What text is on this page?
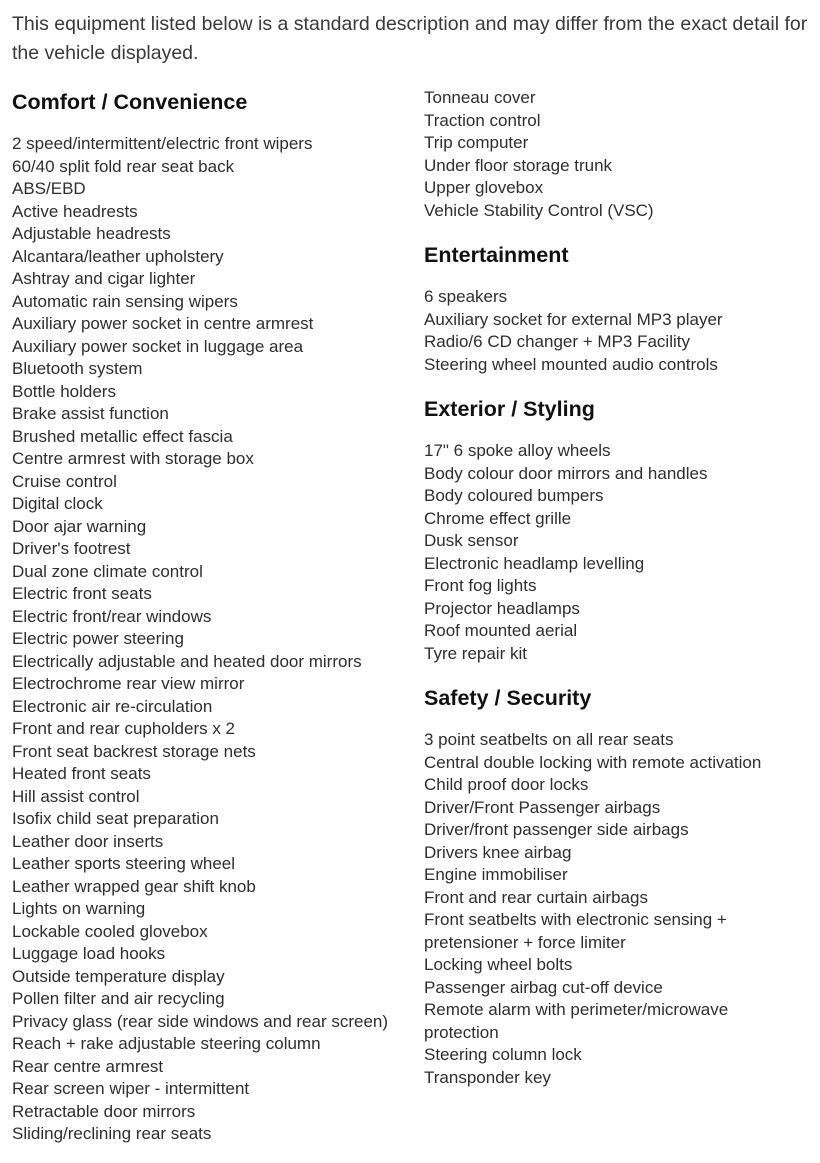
This equipment listed below is a standard description and may differ from the exact detail for the vehicle displayed.

Comfort / Convenience
2 speed/intermittent/electric front wipers
60/40 split fold rear seat back
ABS/EBD
Active headrests
Adjustable headrests
Alcantara/leather upholstery
Ashtray and cigar lighter
Automatic rain sensing wipers
Auxiliary power socket in centre armrest
Auxiliary power socket in luggage area
Bluetooth system
Bottle holders
Brake assist function
Brushed metallic effect fascia
Centre armrest with storage box
Cruise control
Digital clock
Door ajar warning
Driver's footrest
Dual zone climate control
Electric front seats
Electric front/rear windows
Electric power steering
Electrically adjustable and heated door mirrors
Electrochrome rear view mirror
Electronic air re-circulation
Front and rear cupholders x 2
Front seat backrest storage nets
Heated front seats
Hill assist control
Isofix child seat preparation
Leather door inserts
Leather sports steering wheel
Leather wrapped gear shift knob
Lights on warning
Lockable cooled glovebox
Luggage load hooks
Outside temperature display
Pollen filter and air recycling
Privacy glass (rear side windows and rear screen)
Reach + rake adjustable steering column
Rear centre armrest
Rear screen wiper - intermittent
Retractable door mirrors
Sliding/reclining rear seats
Tonneau cover
Traction control
Trip computer
Under floor storage trunk
Upper glovebox
Vehicle Stability Control (VSC)
Entertainment
6 speakers
Auxiliary socket for external MP3 player
Radio/6 CD changer + MP3 Facility
Steering wheel mounted audio controls
Exterior / Styling
17" 6 spoke alloy wheels
Body colour door mirrors and handles
Body coloured bumpers
Chrome effect grille
Dusk sensor
Electronic headlamp levelling
Front fog lights
Projector headlamps
Roof mounted aerial
Tyre repair kit
Safety / Security
3 point seatbelts on all rear seats
Central double locking with remote activation
Child proof door locks
Driver/Front Passenger airbags
Driver/front passenger side airbags
Drivers knee airbag
Engine immobiliser
Front and rear curtain airbags
Front seatbelts with electronic sensing + pretensioner + force limiter
Locking wheel bolts
Passenger airbag cut-off device
Remote alarm with perimeter/microwave protection
Steering column lock
Transponder key
